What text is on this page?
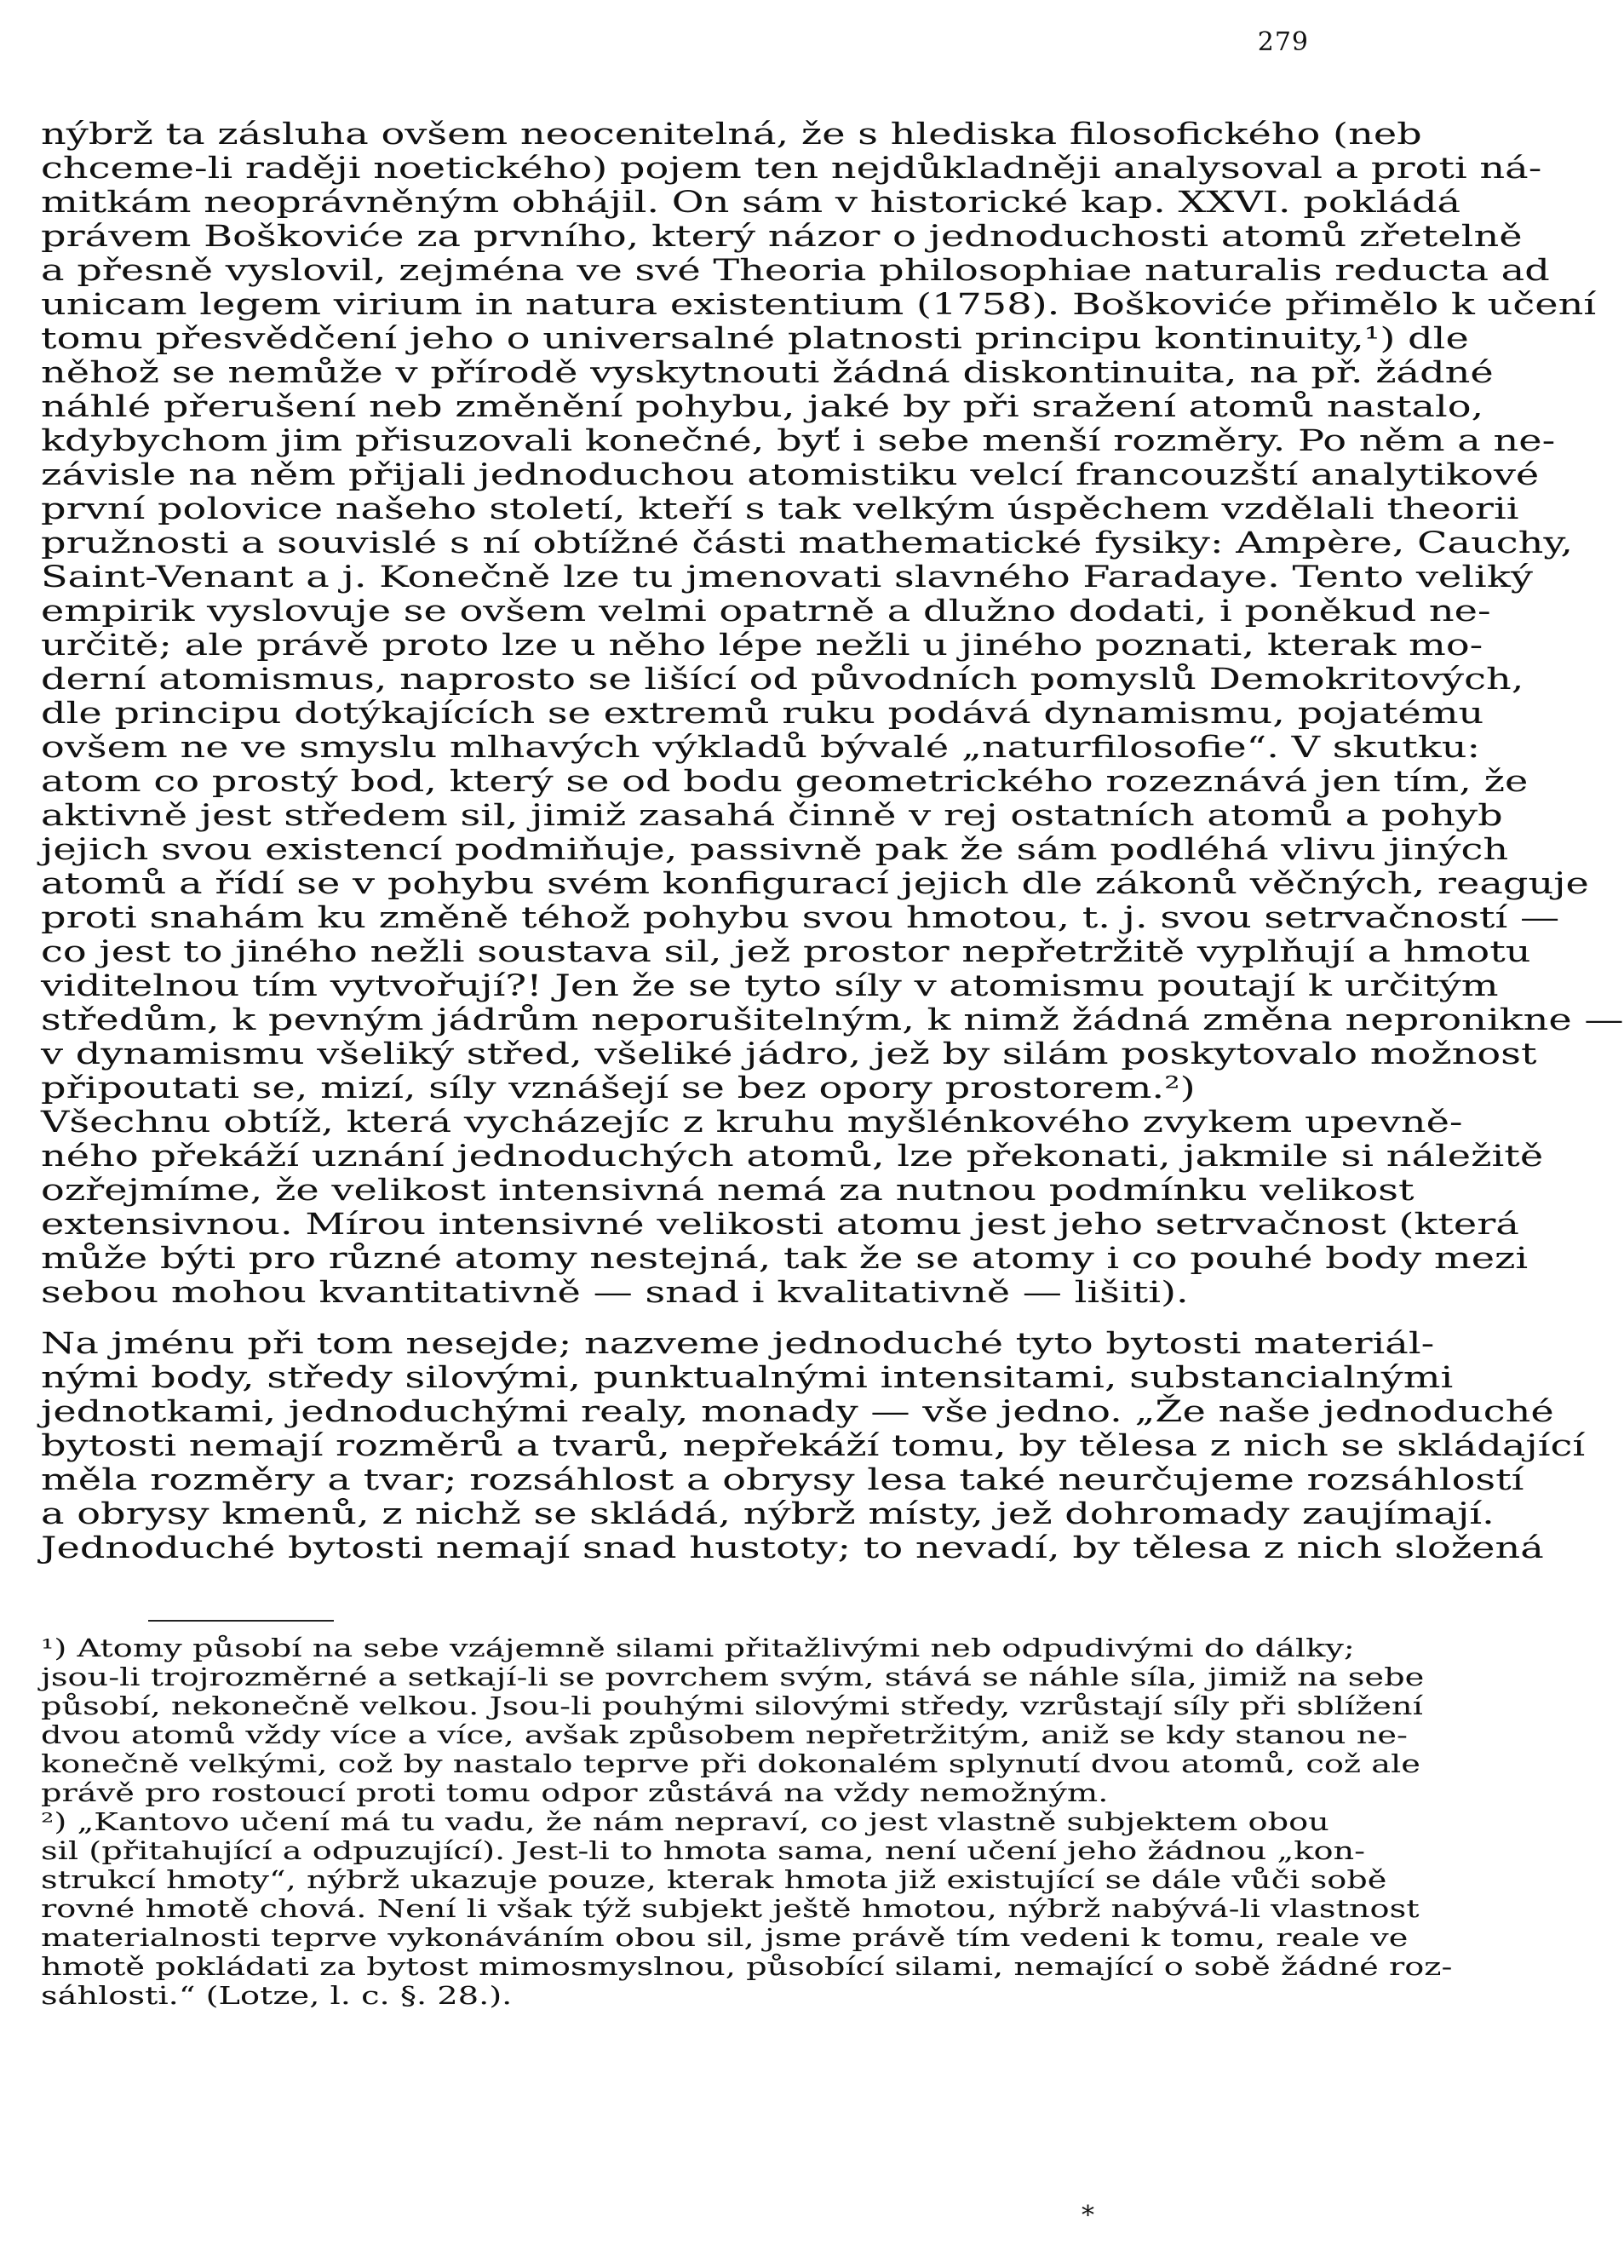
279
nýbrž ta zásluha ovšem neocenitelná, že s hlediska filosofického (neb
chceme-li raději noetického) pojem ten nejdůkladněji analysoval a proti ná-
mitkám neoprávněným obhájil. On sám v historické kap. XXVI. pokládá
právem Boškoviće za prvního, který názor o jednoduchosti atomů zřetelně
a přesně vyslovil, zejména ve své Theoria philosophiae naturalis reducta ad
unicam legem virium in natura existentium (1758). Boškoviće přimělo k učení
tomu přesvědčení jeho o universalné platnosti principu kontinuity,¹) dle
něhož se nemůže v přírodě vyskytnouti žádná diskontinuita, na př. žádné
náhlé přerušení neb změnění pohybu, jaké by při sražení atomů nastalo,
kdybychom jim přisuzovali konečné, byť i sebe menší rozměry. Po něm a ne-
závisle na něm přijali jednoduchou atomistiku velcí francouzští analytikové
první polovice našeho století, kteří s tak velkým úspěchem vzdělali theorii
pružnosti a souvislé s ní obtížné části mathematické fysiky: Ampère, Cauchy,
Saint-Venant a j. Konečně lze tu jmenovati slavného Faradaye. Tento veliký
empirik vyslovuje se ovšem velmi opatrně a dlužno dodati, i poněkud ne-
určitě; ale právě proto lze u něho lépe nežli u jiného poznati, kterak mo-
derní atomismus, naprosto se lišící od původních pomyslů Demokritových,
dle principu dotýkajících se extremů ruku podává dynamismu, pojatému
ovšem ne ve smyslu mlhavých výkladů bývalé „naturfilosofie“. V skutku:
atom co prostý bod, který se od bodu geometrického rozeznává jen tím, že
aktivně jest středem sil, jimiž zasahá činně v rej ostatních atomů a pohyb
jejich svou existencí podmiňuje, passivně pak že sám podléhá vlivu jiných
atomů a řídí se v pohybu svém konfigurací jejich dle zákonů věčných, reaguje
proti snahám ku změně téhož pohybu svou hmotou, t. j. svou setrvačností —
co jest to jiného nežli soustava sil, jež prostor nepřetržitě vyplňují a hmotu
viditelnou tím vytvořují?! Jen že se tyto síly v atomismu poutají k určitým
středům, k pevným jádrům neporušitelným, k nimž žádná změna nepronikne —
v dynamismu všeliký střed, všeliké jádro, jež by silám poskytovalo možnost
připoutati se, mizí, síly vznášejí se bez opory prostorem.²)
Všechnu obtíž, která vycházejíc z kruhu myšlénkového zvykem upevně-
ného překáží uznání jednoduchých atomů, lze překonati, jakmile si náležitě
ozřejmíme, že velikost intensivná nemá za nutnou podmínku velikost
extensivnou. Mírou intensivné velikosti atomu jest jeho setrvačnost (která
může býti pro různé atomy nestejná, tak že se atomy i co pouhé body mezi
sebou mohou kvantitativně — snad i kvalitativně — lišiti).
Na jménu při tom nesejde; nazveme jednoduché tyto bytosti materiál-
nými body, středy silovými, punktualnými intensitami, substancialnými
jednotkami, jednoduchými realy, monady — vše jedno. „Že naše jednoduché
bytosti nemají rozměrů a tvarů, nepřekáží tomu, by tělesa z nich se skládající
měla rozměry a tvar; rozsáhlost a obrysy lesa také neurčujeme rozsáhlostí
a obrysy kmenů, z nichž se skládá, nýbrž místy, jež dohromady zaujímají.
Jednoduché bytosti nemají snad hustoty; to nevadí, by tělesa z nich složená
¹) Atomy působí na sebe vzájemně silami přitažlivými neb odpudivými do dálky;
jsou-li trojrozměrné a setkají-li se povrchem svým, stává se náhle síla, jimiž na sebe
působí, nekonečně velkou. Jsou-li pouhými silovými středy, vzrůstají síly při sblížení
dvou atomů vždy více a více, avšak způsobem nepřetržitým, aniž se kdy stanou ne-
konečně velkými, což by nastalo teprve při dokonalém splynutí dvou atomů, což ale
právě pro rostoucí proti tomu odpor zůstává na vždy nemožným.
²) „Kantovo učení má tu vadu, že nám nepraví, co jest vlastně subjektem obou
sil (přitahující a odpuzující). Jest-li to hmota sama, není učení jeho žádnou „kon-
strukcí hmoty“, nýbrž ukazuje pouze, kterak hmota již existující se dále vůči sobě
rovné hmotě chová. Není li však týž subjekt ještě hmotou, nýbrž nabývá-li vlastnost
materialnosti teprve vykonáváním obou sil, jsme právě tím vedeni k tomu, reale ve
hmotě pokládati za bytost mimosmyslnou, působící silami, nemající o sobě žádné roz-
sáhlosti.“ (Lotze, l. c. §. 28.).
*
